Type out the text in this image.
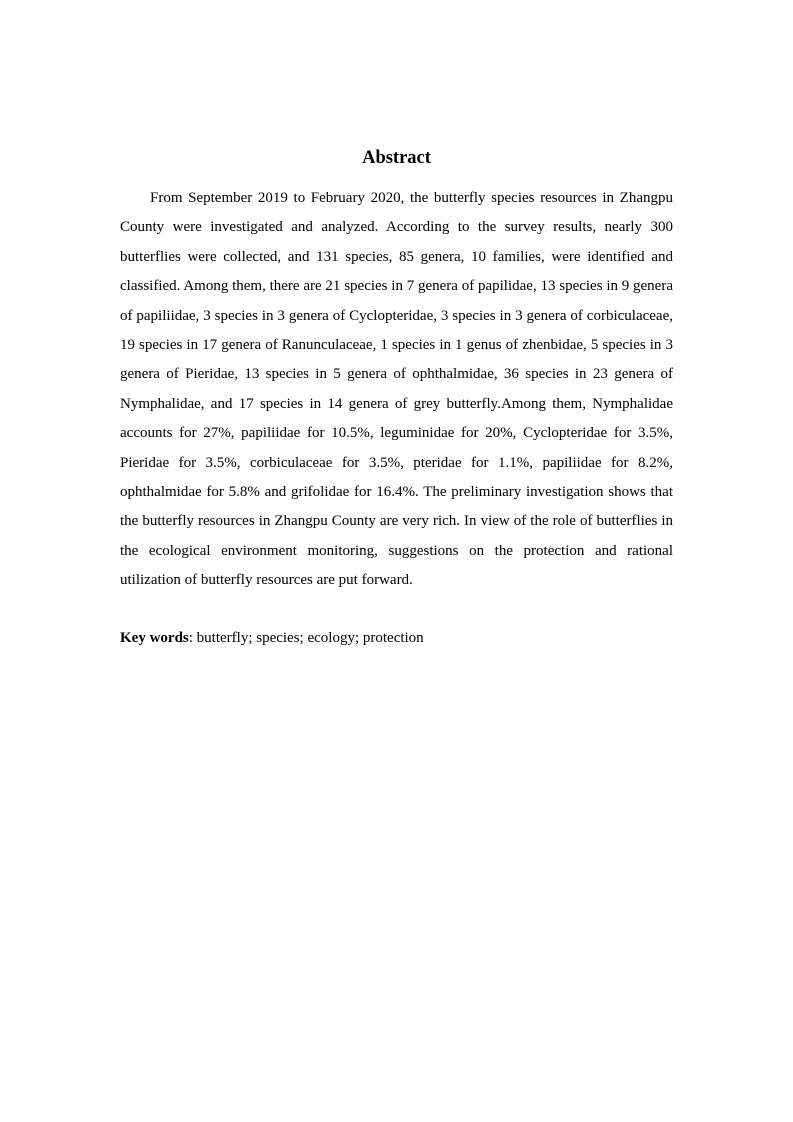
Abstract

From September 2019 to February 2020, the butterfly species resources in Zhangpu County were investigated and analyzed. According to the survey results, nearly 300 butterflies were collected, and 131 species, 85 genera, 10 families, were identified and classified. Among them, there are 21 species in 7 genera of papilidae, 13 species in 9 genera of papiliidae, 3 species in 3 genera of Cyclopteridae, 3 species in 3 genera of corbiculaceae, 19 species in 17 genera of Ranunculaceae, 1 species in 1 genus of zhenbidae, 5 species in 3 genera of Pieridae, 13 species in 5 genera of ophthalmidae, 36 species in 23 genera of Nymphalidae, and 17 species in 14 genera of grey butterfly.Among them, Nymphalidae accounts for 27%, papiliidae for 10.5%, leguminidae for 20%, Cyclopteridae for 3.5%, Pieridae for 3.5%, corbiculaceae for 3.5%, pteridae for 1.1%, papiliidae for 8.2%, ophthalmidae for 5.8% and grifolidae for 16.4%. The preliminary investigation shows that the butterfly resources in Zhangpu County are very rich. In view of the role of butterflies in the ecological environment monitoring, suggestions on the protection and rational utilization of butterfly resources are put forward.

Key words: butterfly; species; ecology; protection
